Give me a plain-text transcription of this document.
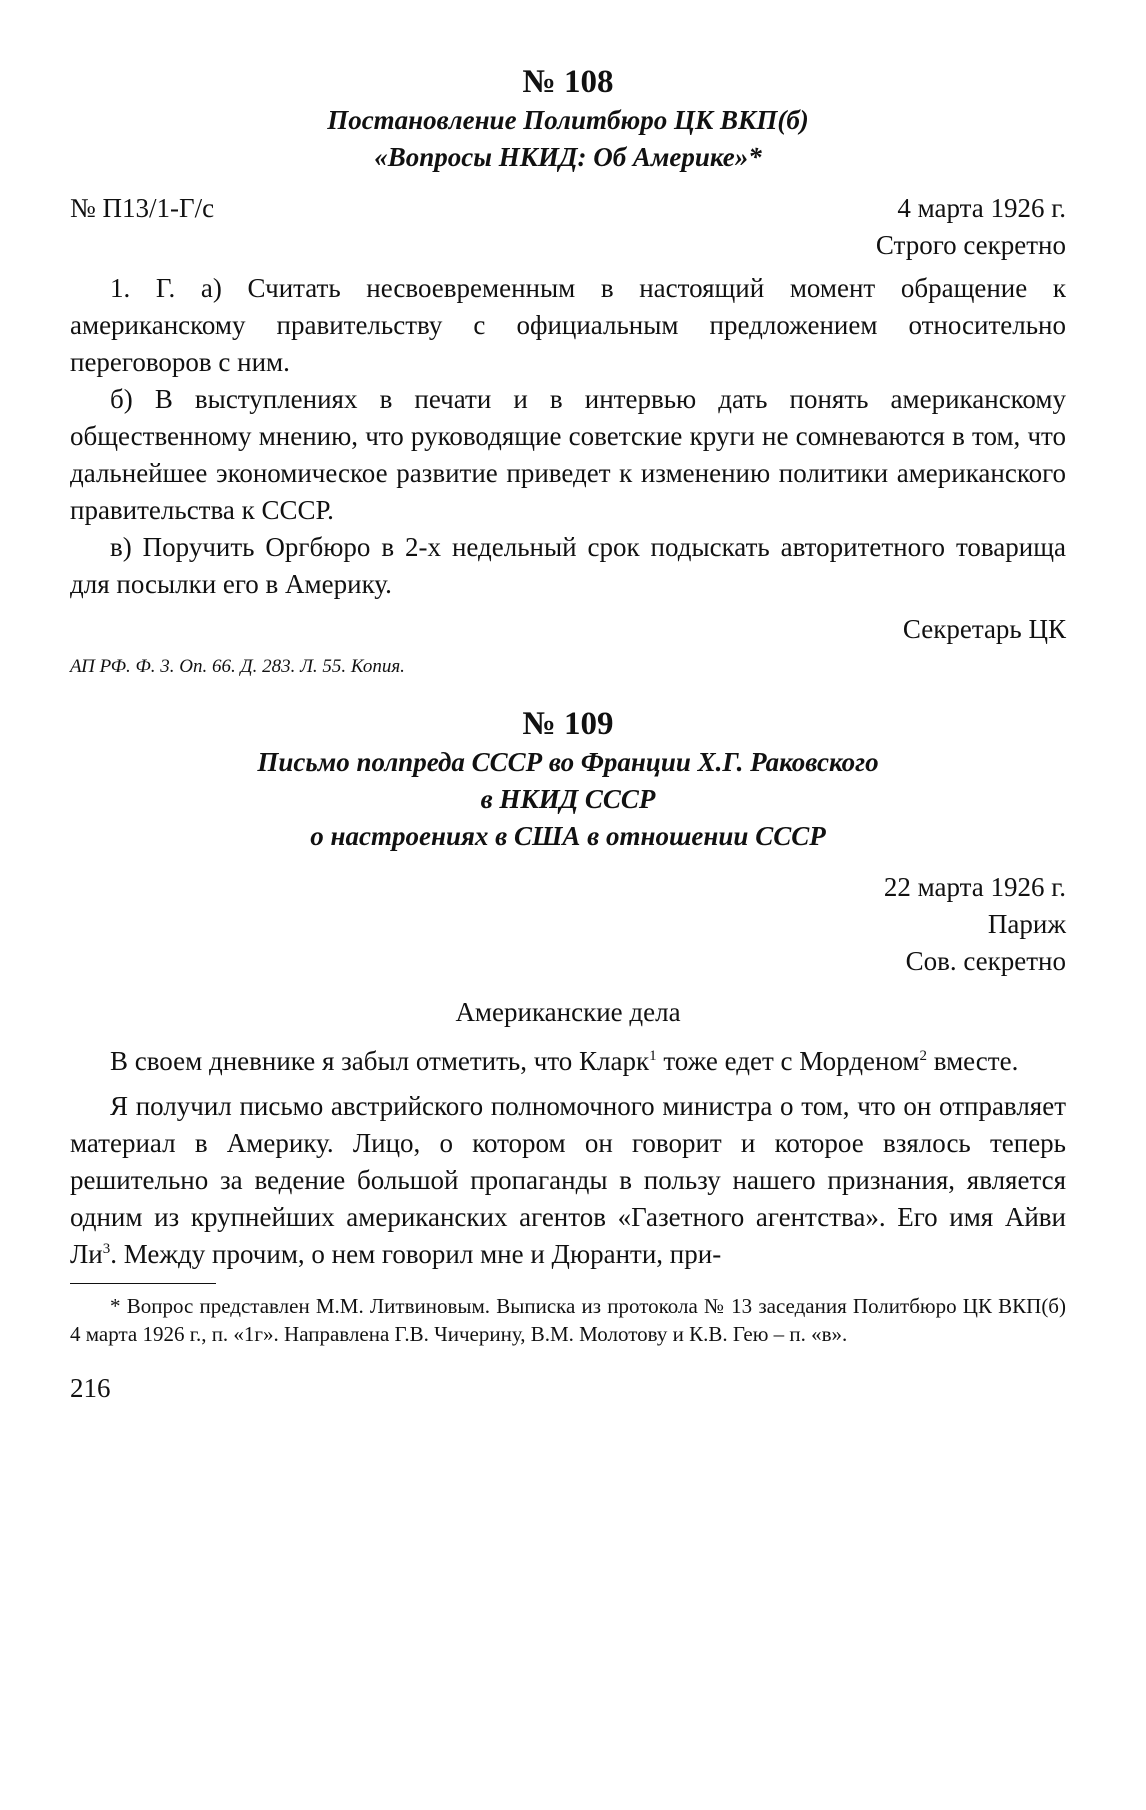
№ 108
Постановление Политбюро ЦК ВКП(б)
«Вопросы НКИД: Об Америке»*
№ П13/1-Г/с	4 марта 1926 г.
Строго секретно

1. Г. а) Считать несвоевременным в настоящий момент обращение к американскому правительству с официальным предложением относительно переговоров с ним.

б) В выступлениях в печати и в интервью дать понять американскому общественному мнению, что руководящие советские круги не сомневаются в том, что дальнейшее экономическое развитие приведет к изменению политики американского правительства к СССР.

в) Поручить Оргбюро в 2-х недельный срок подыскать авторитетного товарища для посылки его в Америку.

Секретарь ЦК
АП РФ. Ф. 3. Оп. 66. Д. 283. Л. 55. Копия.
№ 109
Письмо полпреда СССР во Франции Х.Г. Раковского
в НКИД СССР
о настроениях в США в отношении СССР
22 марта 1926 г.
Париж
Сов. секретно
Американские дела

В своем дневнике я забыл отметить, что Кларк$^1$ тоже едет с Морденом$^2$ вместе.

Я получил письмо австрийского полномочного министра о том, что он отправляет материал в Америку. Лицо, о котором он говорит и которое взялось теперь решительно за ведение большой пропаганды в пользу нашего признания, является одним из крупнейших американских агентов «Газетного агентства». Его имя Айви $Ли^3$. Между прочим, о нем говорил мне и Дюранти, при-

* Вопрос представлен М.М. Литвиновым. Выписка из протокола № 13 заседания Политбюро ЦК ВКП(б) 4 марта 1926 г., п. «1г». Направлена Г.В. Чичерину, В.М. Молотову и К.В. Гею – п. «в».
216
